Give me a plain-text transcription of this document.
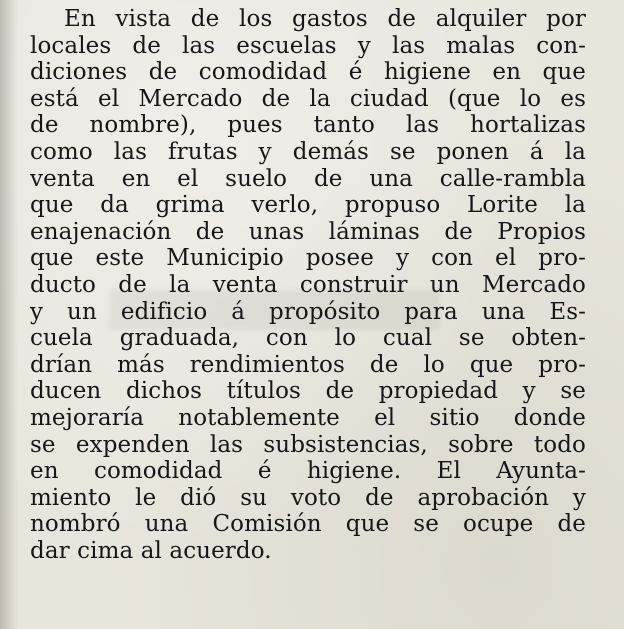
En vista de los gastos de alquiler por
locales de las escuelas y las malas con-
diciones de comodidad é higiene en que
está el Mercado de la ciudad (que lo es
de nombre), pues tanto las hortalizas
como las frutas y demás se ponen á la
venta en el suelo de una calle-rambla
que da grima verlo, propuso Lorite la
enajenación de unas láminas de Propios
que este Municipio posee y con el pro-
ducto de la venta construir un Mercado
y un edificio á propósito para una Es-
cuela graduada, con lo cual se obten-
drían más rendimientos de lo que pro-
ducen dichos títulos de propiedad y se
mejoraría notablemente el sitio donde
se expenden las subsistencias, sobre todo
en comodidad é higiene. El Ayunta-
miento le dió su voto de aprobación y
nombró una Comisión que se ocupe de
dar cima al acuerdo.
